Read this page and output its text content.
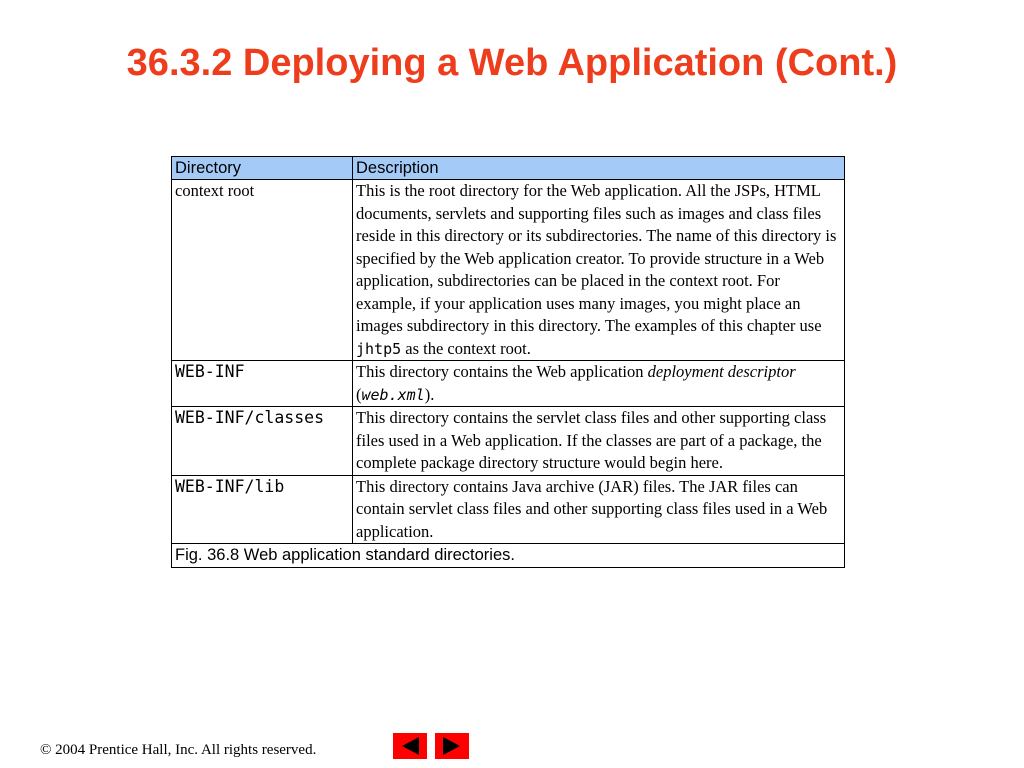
36.3.2 Deploying a Web Application (Cont.)
Directory	Description
context root	This is the root directory for the Web application. All the JSPs, HTML documents, servlets and supporting files such as images and class files reside in this directory or its subdirectories. The name of this directory is specified by the Web application creator. To provide structure in a Web application, subdirectories can be placed in the context root. For example, if your application uses many images, you might place an images subdirectory in this directory. The examples of this chapter use jhtp5 as the context root.
WEB-INF	This directory contains the Web application deployment descriptor (web.xml).
WEB-INF/classes	This directory contains the servlet class files and other supporting class files used in a Web application. If the classes are part of a package, the complete package directory structure would begin here.
WEB-INF/lib	This directory contains Java archive (JAR) files. The JAR files can contain servlet class files and other supporting class files used in a Web application.
Fig. 36.8 Web application standard directories.	
© 2004 Prentice Hall, Inc. All rights reserved.
